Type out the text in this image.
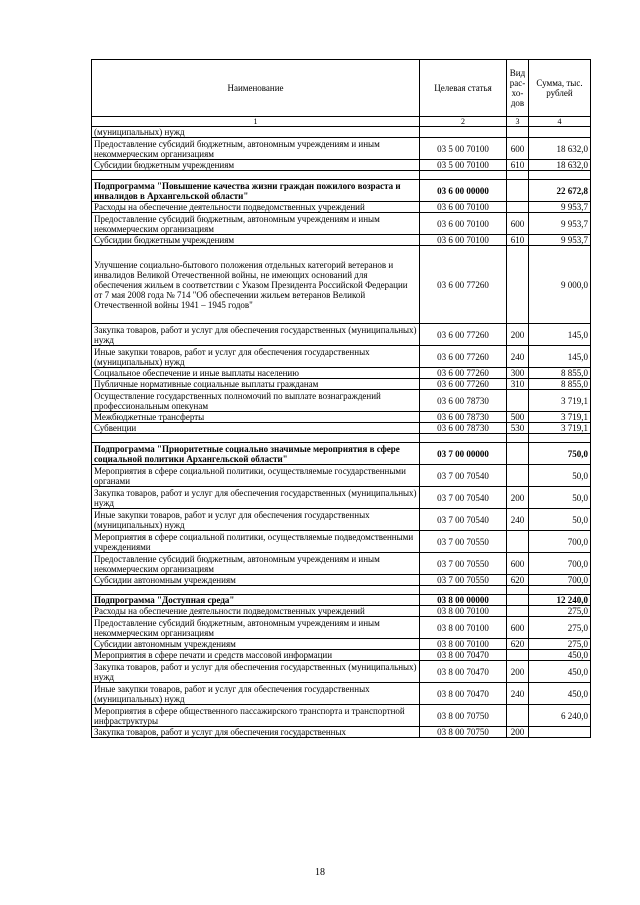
Наименование	Целевая статья	Вид рас-хо-дов	Сумма, тыс. рублей
1	2	3	4
(муниципальных) нужд			
Предоставление субсидий бюджетным, автономным учреждениям и иным некоммерческим организациям	03 5 00 70100	600	18 632,0
Субсидии бюджетным учреждениям	03 5 00 70100	610	18 632,0

Подпрограмма "Повышение качества жизни граждан пожилого возраста и инвалидов в Архангельской области"	03 6 00 00000		22 672,8
Расходы на обеспечение деятельности подведомственных учреждений	03 6 00 70100		9 953,7
Предоставление субсидий бюджетным, автономным учреждениям и иным некоммерческим организациям	03 6 00 70100	600	9 953,7
Субсидии бюджетным учреждениям	03 6 00 70100	610	9 953,7
Улучшение социально-бытового положения отдельных категорий ветеранов и инвалидов Великой Отечественной войны, не имеющих оснований для обеспечения жильем в соответствии с Указом Президента Российской Федерации от 7 мая 2008 года № 714 "Об обеспечении жильем ветеранов Великой Отечественной войны 1941 – 1945 годов"	03 6 00 77260		9 000,0
Закупка товаров, работ и услуг для обеспечения государственных (муниципальных) нужд	03 6 00 77260	200	145,0
Иные закупки товаров, работ и услуг для обеспечения государственных (муниципальных) нужд	03 6 00 77260	240	145,0
Социальное обеспечение и иные выплаты населению	03 6 00 77260	300	8 855,0
Публичные нормативные социальные выплаты гражданам	03 6 00 77260	310	8 855,0
Осуществление государственных полномочий по выплате вознаграждений профессиональным опекунам	03 6 00 78730		3 719,1
Межбюджетные трансферты	03 6 00 78730	500	3 719,1
Субвенции	03 6 00 78730	530	3 719,1

Подпрограмма "Приоритетные социально значимые мероприятия в сфере социальной политики Архангельской области"	03 7 00 00000		750,0
Мероприятия в сфере социальной политики, осуществляемые государственными органами	03 7 00 70540		50,0
Закупка товаров, работ и услуг для обеспечения государственных (муниципальных) нужд	03 7 00 70540	200	50,0
Иные закупки товаров, работ и услуг для обеспечения государственных (муниципальных) нужд	03 7 00 70540	240	50,0
Мероприятия в сфере социальной политики, осуществляемые подведомственными учреждениями	03 7 00 70550		700,0
Предоставление субсидий бюджетным, автономным учреждениям и иным некоммерческим организациям	03 7 00 70550	600	700,0
Субсидии автономным учреждениям	03 7 00 70550	620	700,0

Подпрограмма "Доступная среда"	03 8 00 00000		12 240,0
Расходы на обеспечение деятельности подведомственных учреждений	03 8 00 70100		275,0
Предоставление субсидий бюджетным, автономным учреждениям и иным некоммерческим организациям	03 8 00 70100	600	275,0
Субсидии автономным учреждениям	03 8 00 70100	620	275,0
Мероприятия в сфере печати и средств массовой информации	03 8 00 70470		450,0
Закупка товаров, работ и услуг для обеспечения государственных (муниципальных) нужд	03 8 00 70470	200	450,0
Иные закупки товаров, работ и услуг для обеспечения государственных (муниципальных) нужд	03 8 00 70470	240	450,0
Мероприятия в сфере общественного пассажирского транспорта и транспортной инфраструктуры	03 8 00 70750		6 240,0
Закупка товаров, работ и услуг для обеспечения государственных	03 8 00 70750	200	
18
